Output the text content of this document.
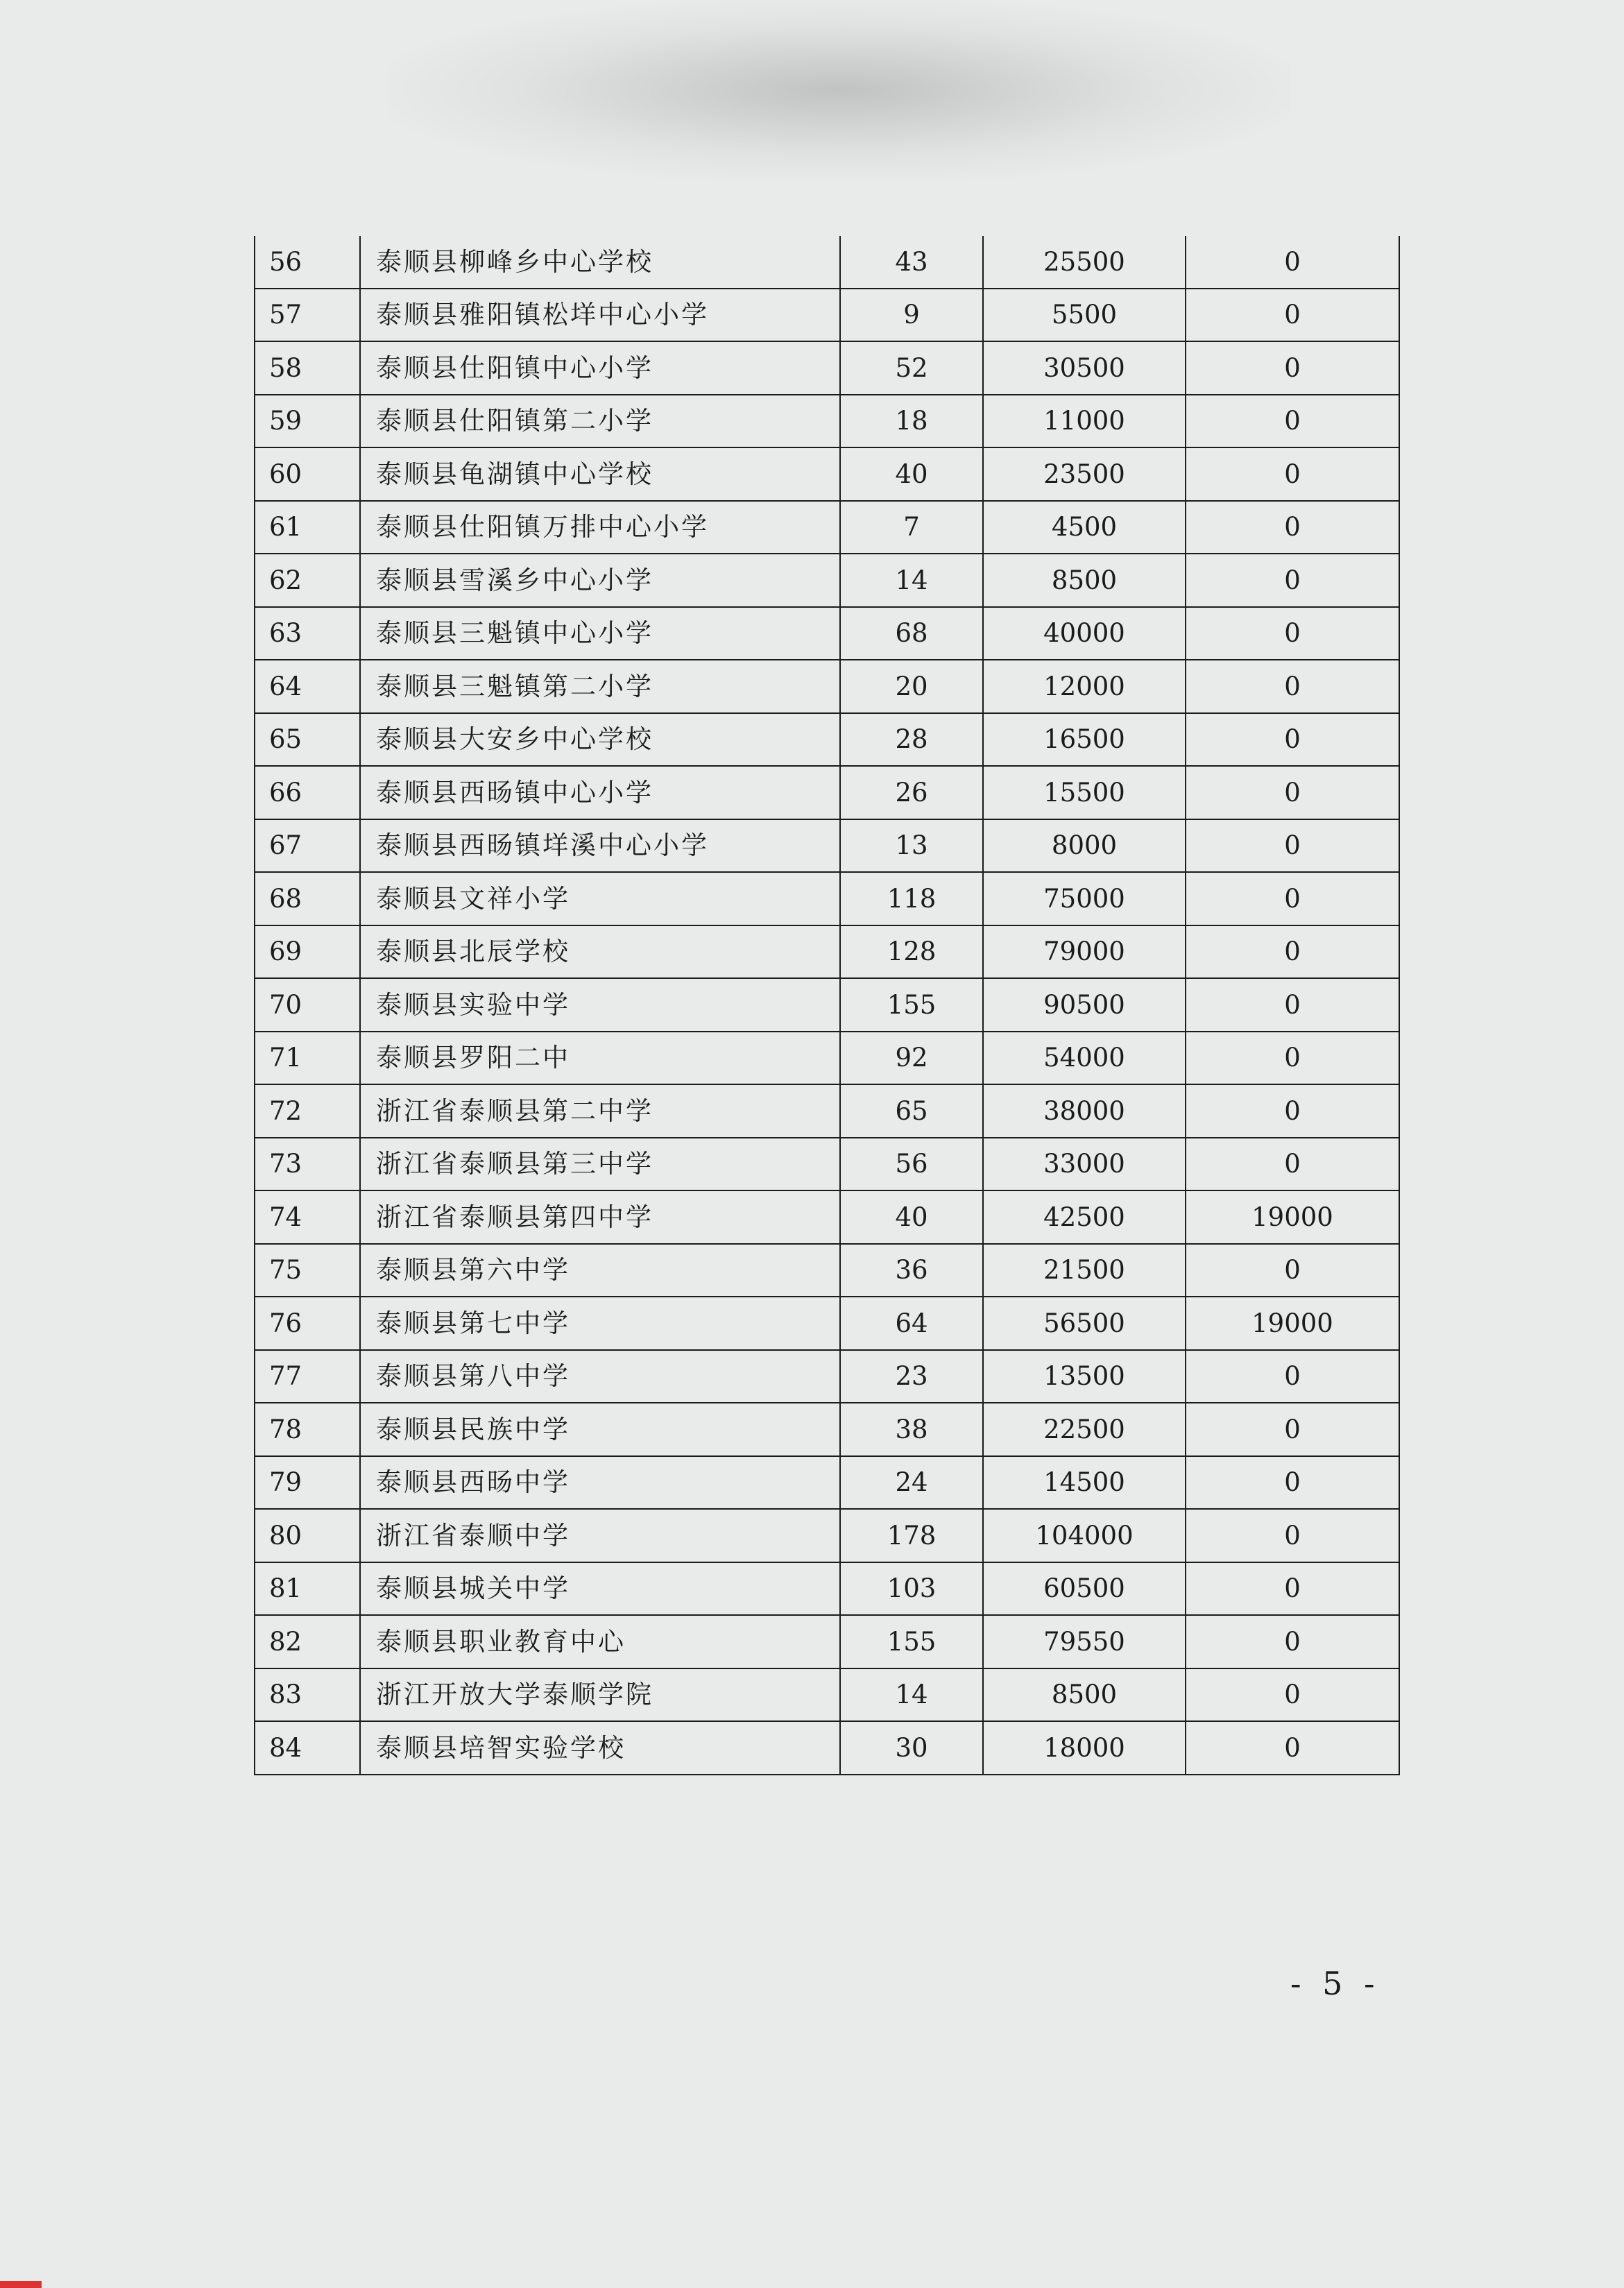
56	泰顺县柳峰乡中心学校	43	25500	0
57	泰顺县雅阳镇松垟中心小学	9	5500	0
58	泰顺县仕阳镇中心小学	52	30500	0
59	泰顺县仕阳镇第二小学	18	11000	0
60	泰顺县龟湖镇中心学校	40	23500	0
61	泰顺县仕阳镇万排中心小学	7	4500	0
62	泰顺县雪溪乡中心小学	14	8500	0
63	泰顺县三魁镇中心小学	68	40000	0
64	泰顺县三魁镇第二小学	20	12000	0
65	泰顺县大安乡中心学校	28	16500	0
66	泰顺县西旸镇中心小学	26	15500	0
67	泰顺县西旸镇垟溪中心小学	13	8000	0
68	泰顺县文祥小学	118	75000	0
69	泰顺县北辰学校	128	79000	0
70	泰顺县实验中学	155	90500	0
71	泰顺县罗阳二中	92	54000	0
72	浙江省泰顺县第二中学	65	38000	0
73	浙江省泰顺县第三中学	56	33000	0
74	浙江省泰顺县第四中学	40	42500	19000
75	泰顺县第六中学	36	21500	0
76	泰顺县第七中学	64	56500	19000
77	泰顺县第八中学	23	13500	0
78	泰顺县民族中学	38	22500	0
79	泰顺县西旸中学	24	14500	0
80	浙江省泰顺中学	178	104000	0
81	泰顺县城关中学	103	60500	0
82	泰顺县职业教育中心	155	79550	0
83	浙江开放大学泰顺学院	14	8500	0
84	泰顺县培智实验学校	30	18000	0
- 5 -
